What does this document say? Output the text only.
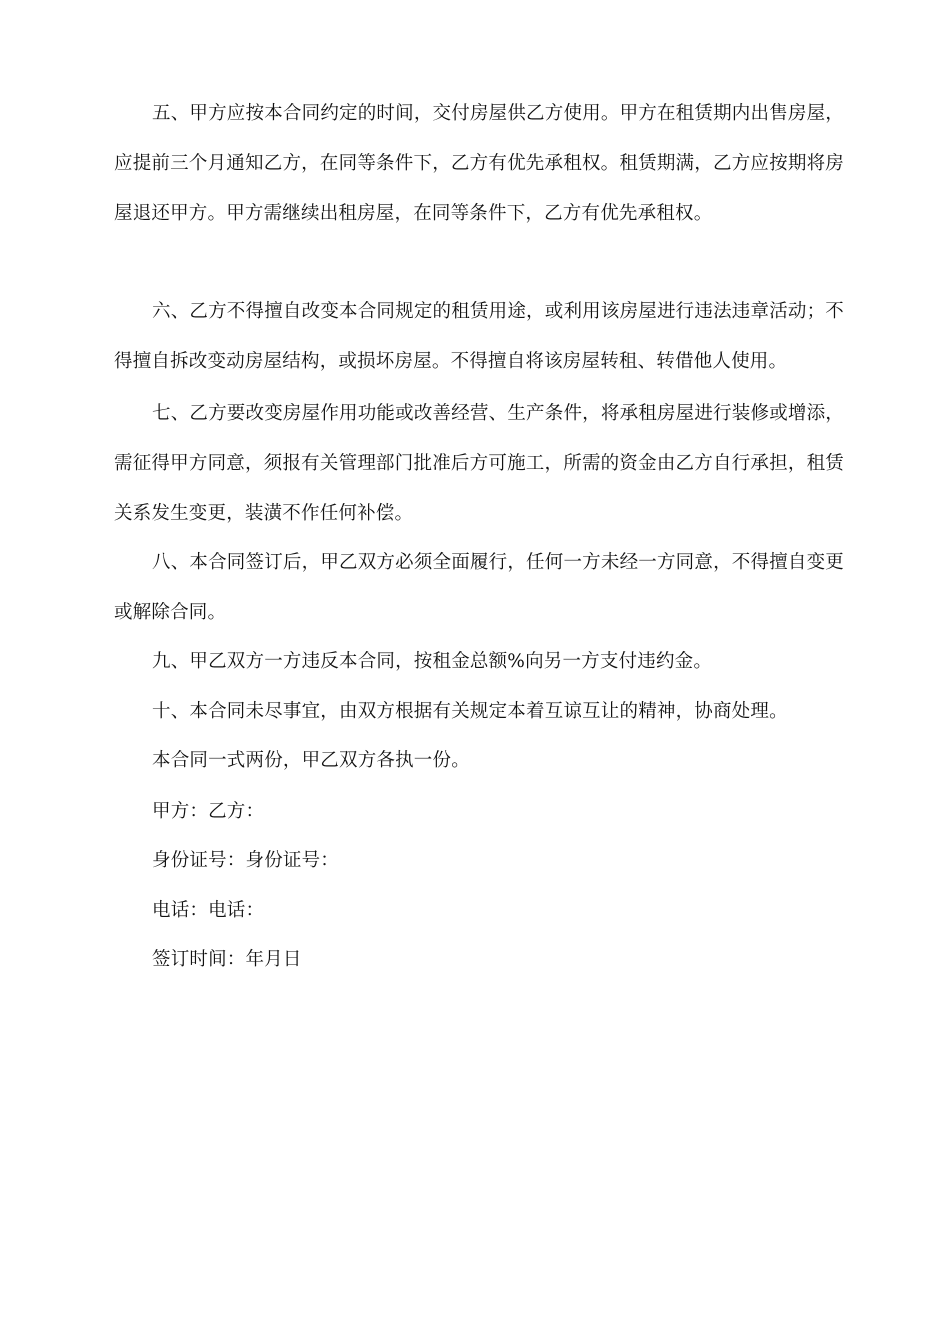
五、甲方应按本合同约定的时间，交付房屋供乙方使用。甲方在租赁期内出售房屋，应提前三个月通知乙方，在同等条件下，乙方有优先承租权。租赁期满，乙方应按期将房屋退还甲方。甲方需继续出租房屋，在同等条件下，乙方有优先承租权。

六、乙方不得擅自改变本合同规定的租赁用途，或利用该房屋进行违法违章活动；不得擅自拆改变动房屋结构，或损坏房屋。不得擅自将该房屋转租、转借他人使用。

七、乙方要改变房屋作用功能或改善经营、生产条件，将承租房屋进行装修或增添，需征得甲方同意，须报有关管理部门批准后方可施工，所需的资金由乙方自行承担，租赁关系发生变更，装潢不作任何补偿。

八、本合同签订后，甲乙双方必须全面履行，任何一方未经一方同意，不得擅自变更或解除合同。

九、甲乙双方一方违反本合同，按租金总额%向另一方支付违约金。

十、本合同未尽事宜，由双方根据有关规定本着互谅互让的精神，协商处理。

本合同一式两份，甲乙双方各执一份。

甲方：乙方：

身份证号：身份证号：

电话：电话：

签订时间：年月日
